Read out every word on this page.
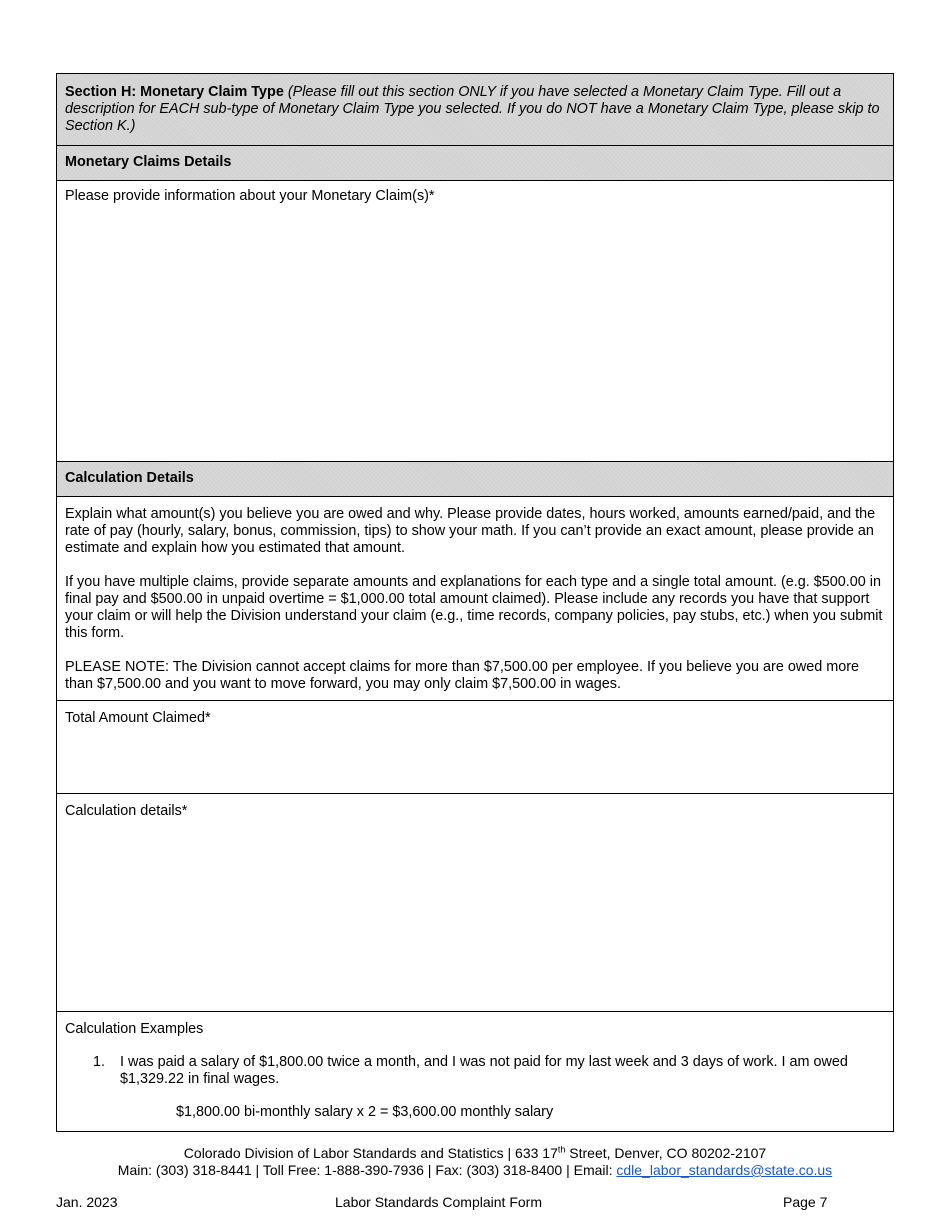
Section H: Monetary Claim Type (Please fill out this section ONLY if you have selected a Monetary Claim Type. Fill out a description for EACH sub-type of Monetary Claim Type you selected. If you do NOT have a Monetary Claim Type, please skip to Section K.)
Monetary Claims Details
Please provide information about your Monetary Claim(s)*
Calculation Details

Explain what amount(s) you believe you are owed and why. Please provide dates, hours worked, amounts earned/paid, and the rate of pay (hourly, salary, bonus, commission, tips) to show your math. If you can’t provide an exact amount, please provide an estimate and explain how you estimated that amount.

If you have multiple claims, provide separate amounts and explanations for each type and a single total amount. (e.g. $500.00 in final pay and $500.00 in unpaid overtime = $1,000.00 total amount claimed). Please include any records you have that support your claim or will help the Division understand your claim (e.g., time records, company policies, pay stubs, etc.) when you submit this form.

PLEASE NOTE: The Division cannot accept claims for more than $7,500.00 per employee. If you believe you are owed more than $7,500.00 and you want to move forward, you may only claim $7,500.00 in wages.

Total Amount Claimed*
Calculation details*
Calculation Examples
1.	I was paid a salary of $1,800.00 twice a month, and I was not paid for my last week and 3 days of work. I am owed $1,329.22 in final wages.
$1,800.00 bi-monthly salary x 2 = $3,600.00 monthly salary
Colorado Division of Labor Standards and Statistics | 633 17th Street, Denver, CO 80202-2107
Main: (303) 318-8441 | Toll Free: 1-888-390-7936 | Fax: (303) 318-8400 | Email: cdle_labor_standards@state.co.us
Jan. 2023	Labor Standards Complaint Form	Page 7
